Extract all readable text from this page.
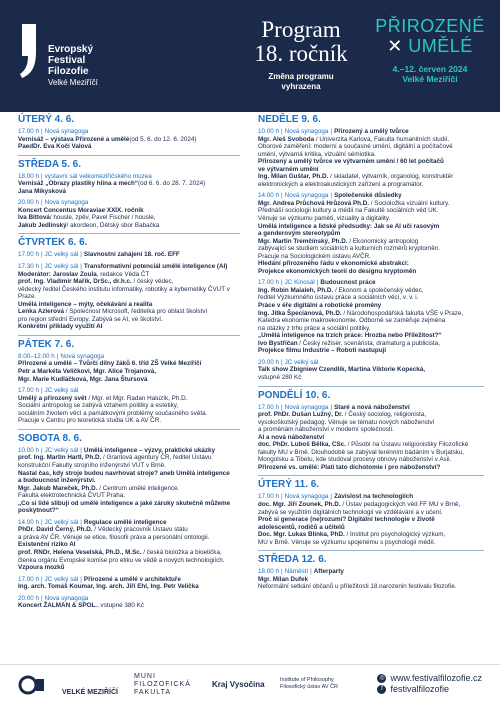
Evropský
Festival
Filozofie
Velké Meziříčí
Program
18. ročník
Změna programu
vyhrazena
PŘIROZENÉ
✕ UMĚLÉ
4.–12. červen 2024
Velké Meziříčí
ÚTERÝ 4. 6.
17.00 h | Nová synagoga
Vernisáž – výstava Přirozené a umělé(od 5. 6. do 12. 6. 2024)
PaedDr. Eva Kočí Valová
STŘEDA 5. 6.
18.00 h | výstavní sál velkomeziříčského muzea
Vernisáž „Obrazy plastiky hlína a mech“(od 6. 6. do 28. 7. 2024)
Jana Mikysková
20.00 h | Nová synagoga
Koncert Concentus Moraviae XXIX. ročník
Iva Bittová/ housle, zpěv, Pavel Fischer / housle,
Jakub Jedlinský/ akordeon, Dětský sbor Babačka
ČTVRTEK 6. 6.
17.00 h | JC velký sál | Slavnostní zahájení 18. roč. EFF
17.30 h | JC velký sál | Transformativní potenciál umělé inteligence (AI)
Moderátor: Jaroslav Zoula, redakce Věda ČT
prof. Ing. Vladimír Mařík, DrSc., dr.h.c. / český vědec,
vědecký ředitel Českého institutu informatiky, robotiky a kybernetiky ČVUT v Praze.
Umělá inteligence – mýty, očekávání a realita
Lenka Azlerová / Společnost Microsoft, ředitelka pro oblast školství
pro region střední Evropy. Zabývá se AI, ve školství.
Konkrétní příklady využití AI
PÁTEK 7. 6.
8.00–12.00 h | Nová synagoga
Přirozené a umělé – Tvůrčí dílny žáků 6. tříd ZŠ Velké Meziříčí
Petr a Markéta Veličkovi, Mgr. Alice Trojanová,
Mgr. Marie Kudláčková, Mgr. Jana Štursová
17.00 h | JC velký sál
Umělý a přirozený svět / Mgr. et Mgr. Radan Haluzík, Ph.D.
Sociální antropolog se zabývá vztahem politiky a estetiky,
sociálním životem věcí a památkovými problémy současného světa.
Pracuje v Centru pro teoretická studia UK a AV ČR.
SOBOTA 8. 6.
10.00 h | JC velký sál | Umělá inteligence – výzvy, praktické ukázky
prof. Ing. Martin Hartl, Ph.D. / Grantová agentury ČR, ředitel Ústavu
konstrukční Fakulty strojního inženýrství VUT v Brně.
Nastal čas, kdy stroje budou navrhovat stroje? aneb Umělá inteligence
a budoucnost inženýrství.
Mgr. Jakub Mareček, Ph.D. / Centrum umělé inteligence.
Fakulta elektrotechnická ČVUT Praha.
„Co si lidé slibují od umělé inteligence a jaké záruky skutečně můžeme
poskytnout?“
14.00 h | JC velký sál | Regulace umělé inteligence
PhDr. David Černý, Ph.D. / Vědecký pracovník Ústavu státu
a práva AV ČR. Věnuje se etice, filosofii práva a personální ontologii.
Existenční riziko AI
prof. RNDr. Helena Veselská, Ph.D., M.Sc. / česká bioložka a bioetička,
členka orgánu Evropské komise pro etiku ve vědě a nových technologiích.
Vzpoura mozků
17.00 h | JC velký sál | Přirozené a umělé v architektuře
Ing. arch. Tomáš Koumar, Ing. arch. Jiří Ehl, Ing. Petr Velička
20.00 h | Nová synagoga
Koncert ŽALMAN & SPOL., vstupné 380 Kč
NEDĚLE 9. 6.
10.00 h | Nová synagoga | Přirozený a umělý tvůrce
Mgr. Aleš Svoboda / Univerzita Karlova, Fakulta humanitních studií.
Oborové zaměření: moderní a současné umění, digitální a počítačové
umění, výtvarná kritika, vizuální sémiotika.
Přirozený a umělý tvůrce ve výtvarném umění / 60 let počítačů
ve výtvarném umění
Ing. Milan Guštar, Ph.D. / skladatel, výtvarník, organolog, konstruktér
elektronických a elektroakustických zařízení a programátor.
14.00 h | Nová synagoga | Společenské důsledky
Mgr. Andrea Průchová Hrůzová Ph.D. / Socioložka vizuální kultury.
Přednáší sociologii kultury a médií na Fakultě sociálních věd UK.
Věnuje se výzkumu paměti, vizuality a digitality.
Umělá inteligence a lidské předsudky: Jak se AI učí rasovým
a genderovým stereotypům
Mgr. Martin Tremčínský, Ph.D. / Ekonomický antropolog
zabývající se studiem sociálních a kulturních rozměrů kryptoměn.
Pracuje na Sociologickém ústavu AVČR.
Hledání přirozeného řádu v ekonomické abstrakci:
Projekce ekonomických teorií do designu kryptoměn
17.00 h | JC Kinosál | Budoucnost práce
Ing. Robin Maialeh, Ph.D. / Ekonom a společenský vědec,
ředitel Výzkumného ústavu práce a sociálních věcí, v. v. i.
Práce v éře digitální a robotické proměny
Ing. Jitka Špeciánová, Ph.D. / Národohospodářská fakulta VŠE v Praze,
Katedra ekonomie makroekonomie. Odborně se zaměřuje zejména
na otázky z trhu práce a sociální politiky.
„Umělá inteligence na trzích práce: Hrozba nebo Příležitost?“
Ivo Bystřičan / Český režisér, scenárista, dramaturg a publicista,
Projekce filmu Industrie – Roboti nastupují
20.00 h | JC velký sál
Talk show Zbigniew Czendlik, Martina Viktorie Kopecká,
vstupné 280 Kč
PONDĚLÍ 10. 6.
17.00 h | Nová synagoga | Staré a nová náboženství
prof. PhDr. Dušan Lužný, Dr. / Český sociolog, religionista,
vysokoškolský pedagog. Věnuje se tématu nových náboženství
a proměnám náboženství v moderní společnosti.
AI a nová náboženství
doc. PhDr. Luboš Bělka, CSc. / Působí na Ústavu religionistiky Filozofické
fakulty MU v Brně. Dlouhodobě se zabýval terénním bádáním v Burjatsku,
Mongolsku a Tibetu, kde studoval procesy obnovy náboženství v Asii.
Přirozené vs. umělé: Platí tato dichotomie i pro náboženství?
ÚTERÝ 11. 6.
17.00 h | Nová synagoga | Závislost na technologiích
doc. Mgr. Jiří Zounek, Ph.D. / Ústav pedagogických věd FF MU v Brně,
zabývá se využitím digitálních technologií ve vzdělávání a v učení.
Proč si generace (ne)rozumí? Digitální technologie v životě
adolescentů, rodičů a učitelů
Doc. Mgr. Lukas Blinka, PhD. / Institut pro psychologický výzkum,
MU v Brně. Věnuje se výzkumu spojenému s psychologií médií.
STŘEDA 12. 6.
18.00 h | Náměstí | Afterparty
Mgr. Milan Dufek
Neformální setkání občanů u příležitosti 18.narozenin festivalu filozofie.
VELKÉ MEZIŘÍČÍ
MUNI
FILOZOFICKÁ
FAKULTA
Kraj Vysočina	Institute of Philosophy
Filosofický ústav AV ČR
◎ www.festivalfilozofie.cz
f festivalfilozofie
